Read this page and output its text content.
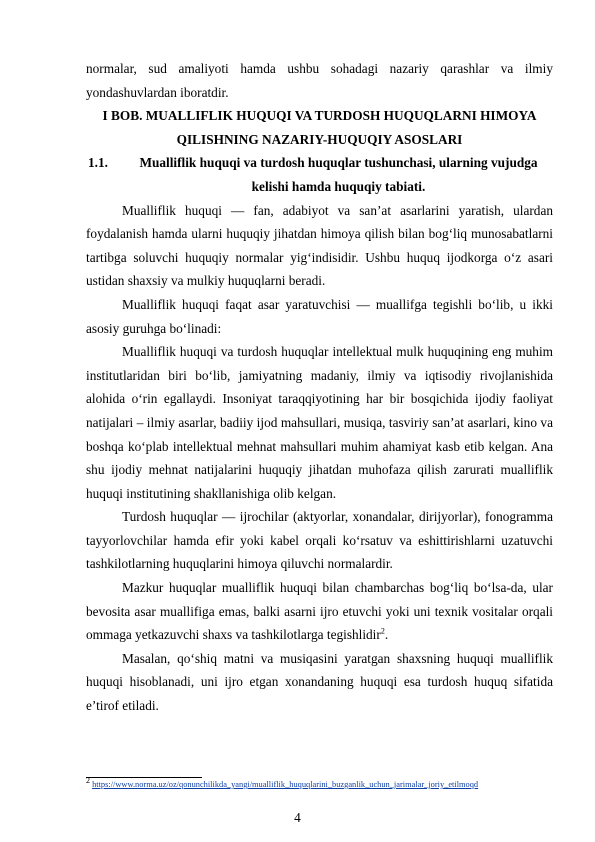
normalar, sud amaliyoti hamda ushbu sohadagi nazariy qarashlar va ilmiy yondashuvlardan iboratdir.

I BOB. MUALLIFLIK HUQUQI VA TURDOSH HUQUQLARNI HIMOYA QILISHNING NAZARIY-HUQUQIY ASOSLARI

1.1.	Mualliflik huquqi va turdosh huquqlar tushunchasi, ularning vujudga kelishi hamda huquqiy tabiati.

Mualliflik huquqi — fan, adabiyot va san’at asarlarini yaratish, ulardan foydalanish hamda ularni huquqiy jihatdan himoya qilish bilan bog‘liq munosabatlarni tartibga soluvchi huquqiy normalar yig‘indisidir. Ushbu huquq ijodkorga o‘z asari ustidan shaxsiy va mulkiy huquqlarni beradi.

Mualliflik huquqi faqat asar yaratuvchisi — muallifga tegishli bo‘lib, u ikki asosiy guruhga bo‘linadi:

Mualliflik huquqi va turdosh huquqlar intellektual mulk huquqining eng muhim institutlaridan biri bo‘lib, jamiyatning madaniy, ilmiy va iqtisodiy rivojlanishida alohida o‘rin egallaydi. Insoniyat taraqqiyotining har bir bosqichida ijodiy faoliyat natijalari – ilmiy asarlar, badiiy ijod mahsullari, musiqa, tasviriy san’at asarlari, kino va boshqa ko‘plab intellektual mehnat mahsullari muhim ahamiyat kasb etib kelgan. Ana shu ijodiy mehnat natijalarini huquqiy jihatdan muhofaza qilish zarurati mualliflik huquqi institutining shakllanishiga olib kelgan.

Turdosh huquqlar — ijrochilar (aktyorlar, xonandalar, dirijyorlar), fonogramma tayyorlovchilar hamda efir yoki kabel orqali ko‘rsatuv va eshittirishlarni uzatuvchi tashkilotlarning huquqlarini himoya qiluvchi normalardir.

Mazkur huquqlar mualliflik huquqi bilan chambarchas bog‘liq bo‘lsa-da, ular bevosita asar muallifiga emas, balki asarni ijro etuvchi yoki uni texnik vositalar orqali ommaga yetkazuvchi shaxs va tashkilotlarga tegishlidir$^2$.

Masalan, qo‘shiq matni va musiqasini yaratgan shaxsning huquqi mualliflik huquqi hisoblanadi, uni ijro etgan xonandaning huquqi esa turdosh huquq sifatida e’tirof etiladi.

$^2$ https://www.norma.uz/oz/qonunchilikda_yangi/mualliflik_huquqlarini_buzganlik_uchun_jarimalar_joriy_etilmoqd
4
